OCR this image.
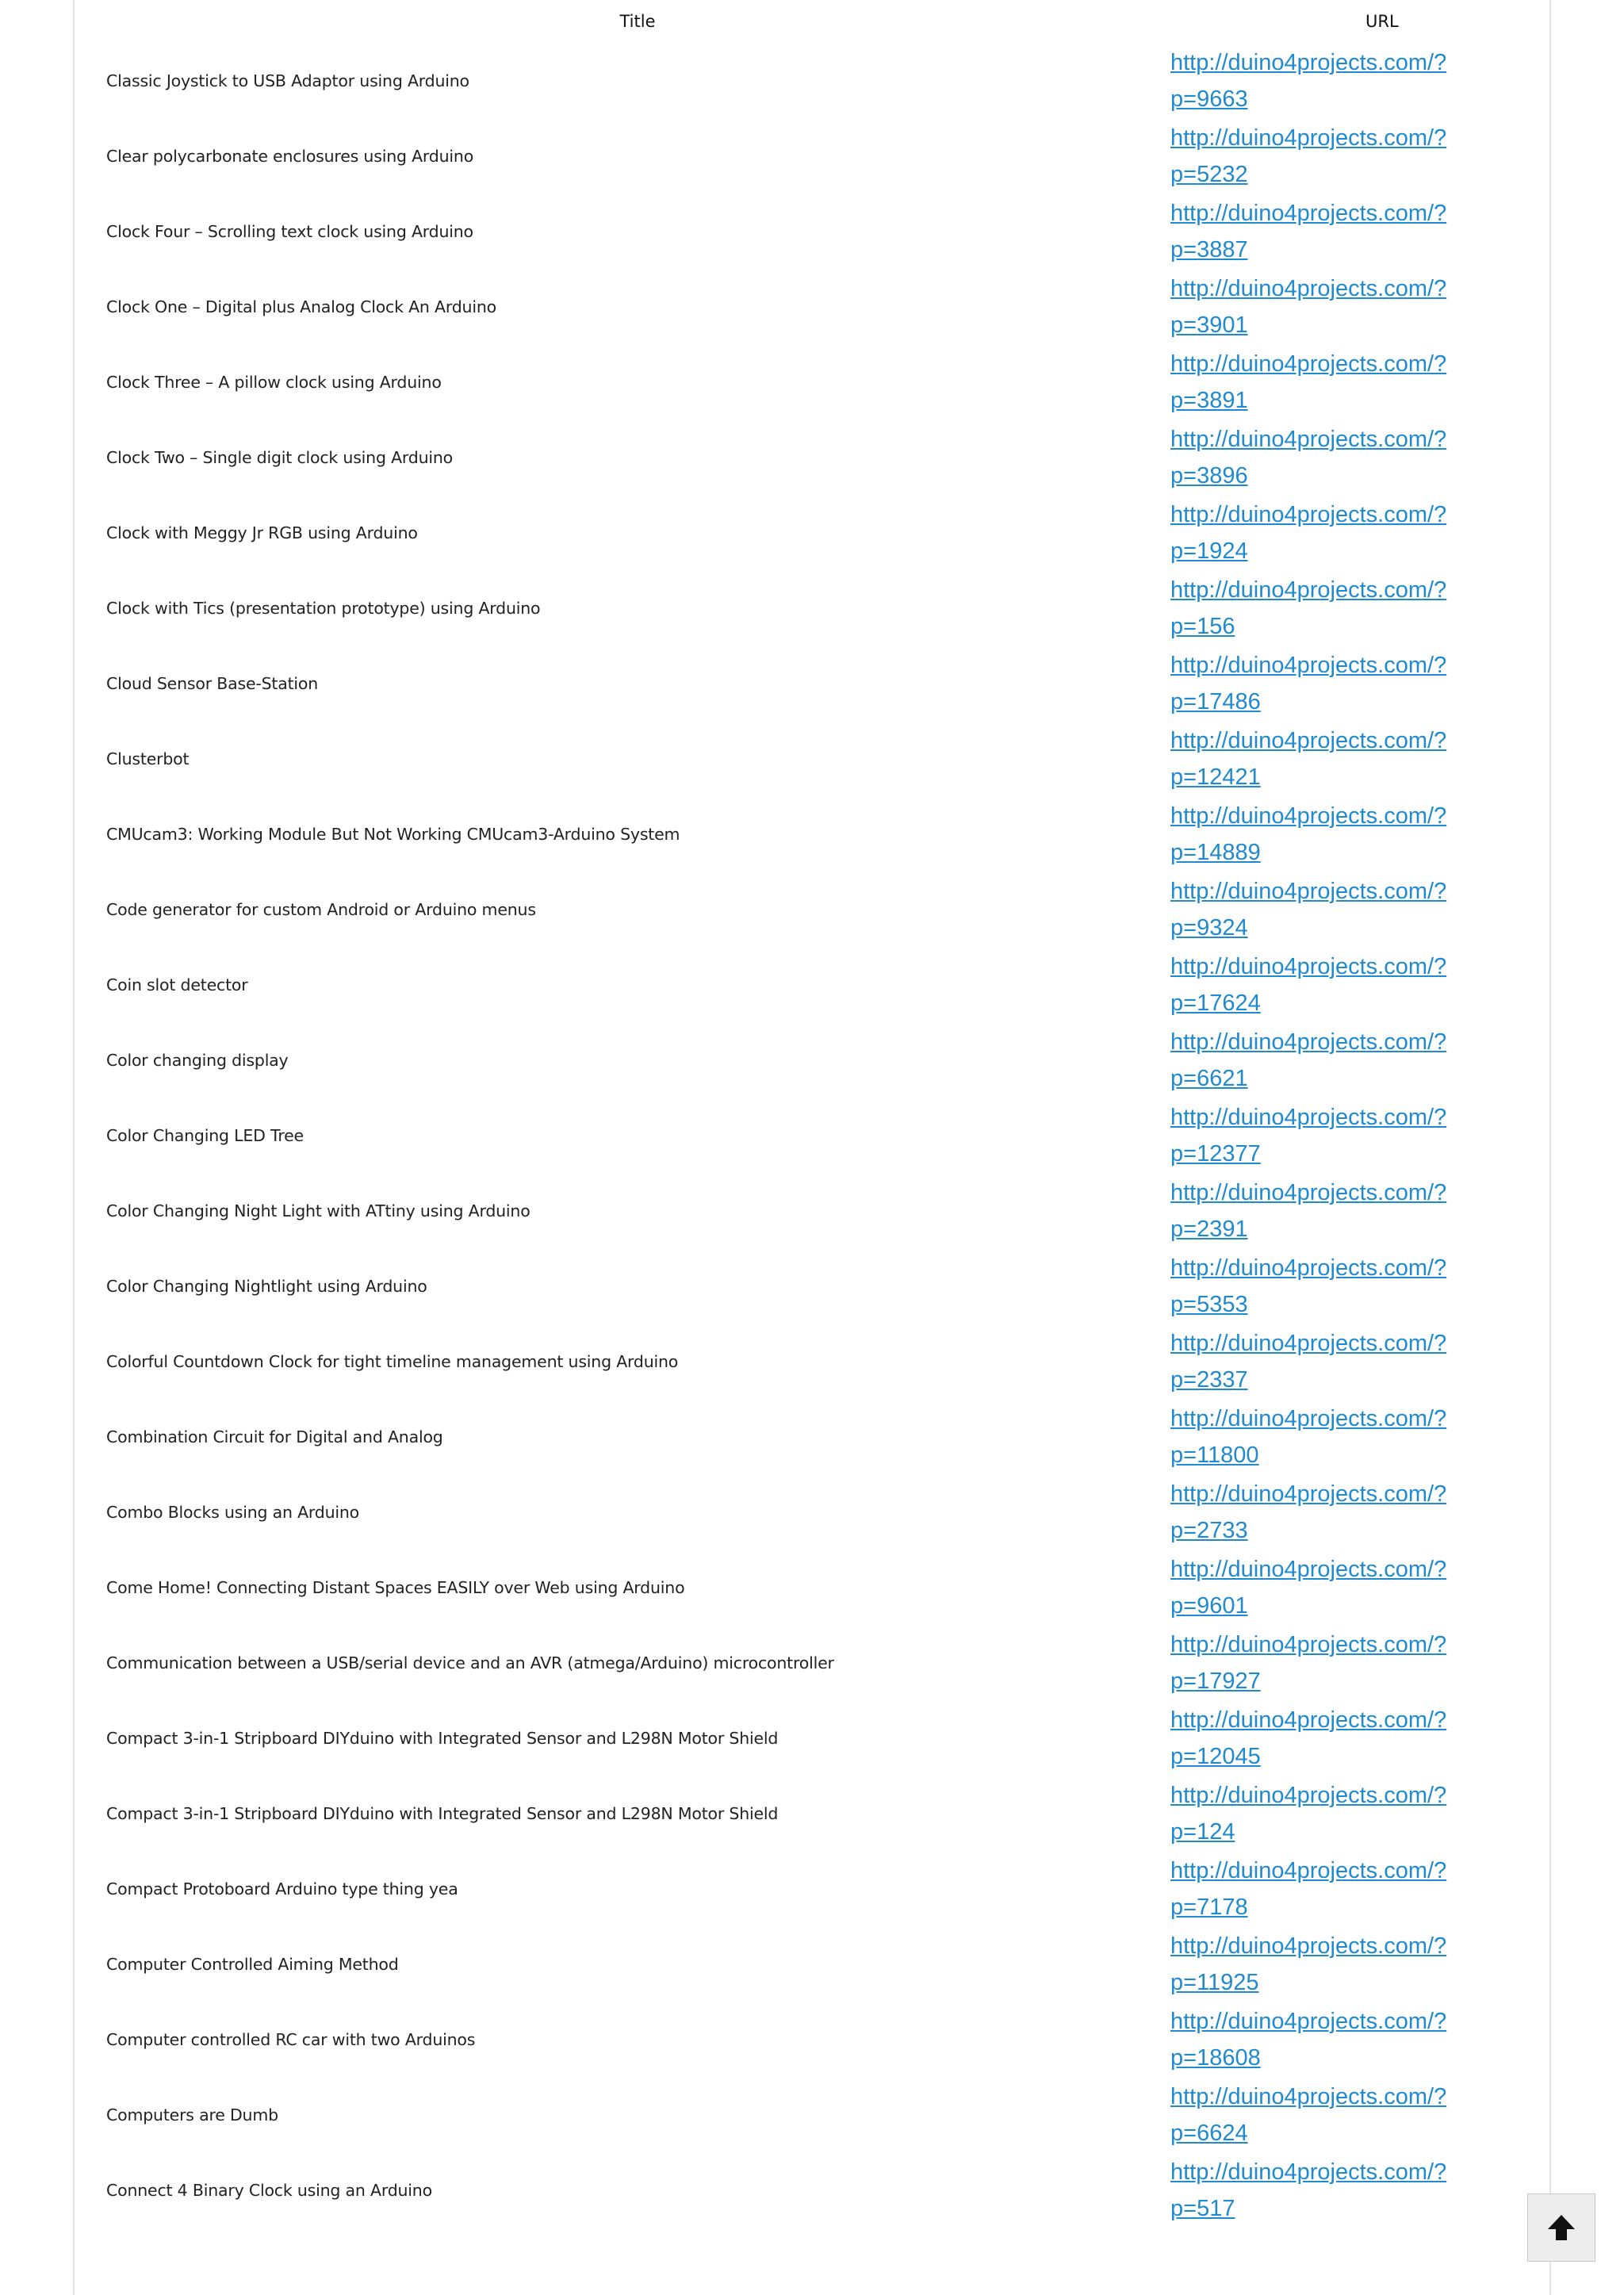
Title	URL
Classic Joystick to USB Adaptor using Arduino	http://duino4projects.com/?p=9663

Clear polycarbonate enclosures using Arduino	http://duino4projects.com/?p=5232

Clock Four – Scrolling text clock using Arduino	http://duino4projects.com/?p=3887

Clock One – Digital plus Analog Clock An Arduino	http://duino4projects.com/?p=3901

Clock Three – A pillow clock using Arduino	http://duino4projects.com/?p=3891

Clock Two – Single digit clock using Arduino	http://duino4projects.com/?p=3896

Clock with Meggy Jr RGB using Arduino	http://duino4projects.com/?p=1924

Clock with Tics (presentation prototype) using Arduino	http://duino4projects.com/?p=156

Cloud Sensor Base-Station	http://duino4projects.com/?p=17486

Clusterbot	http://duino4projects.com/?p=12421

CMUcam3: Working Module But Not Working CMUcam3-Arduino System	http://duino4projects.com/?p=14889

Code generator for custom Android or Arduino menus	http://duino4projects.com/?p=9324

Coin slot detector	http://duino4projects.com/?p=17624

Color changing display	http://duino4projects.com/?p=6621

Color Changing LED Tree	http://duino4projects.com/?p=12377

Color Changing Night Light with ATtiny using Arduino	http://duino4projects.com/?p=2391

Color Changing Nightlight using Arduino	http://duino4projects.com/?p=5353

Colorful Countdown Clock for tight timeline management using Arduino	http://duino4projects.com/?p=2337

Combination Circuit for Digital and Analog	http://duino4projects.com/?p=11800

Combo Blocks using an Arduino	http://duino4projects.com/?p=2733

Come Home! Connecting Distant Spaces EASILY over Web using Arduino	http://duino4projects.com/?p=9601

Communication between a USB/serial device and an AVR (atmega/Arduino) microcontroller	http://duino4projects.com/?p=17927

Compact 3-in-1 Stripboard DIYduino with Integrated Sensor and L298N Motor Shield	http://duino4projects.com/?p=12045

Compact 3-in-1 Stripboard DIYduino with Integrated Sensor and L298N Motor Shield	http://duino4projects.com/?p=124

Compact Protoboard Arduino type thing yea	http://duino4projects.com/?p=7178

Computer Controlled Aiming Method	http://duino4projects.com/?p=11925

Computer controlled RC car with two Arduinos	http://duino4projects.com/?p=18608

Computers are Dumb	http://duino4projects.com/?p=6624

Connect 4 Binary Clock using an Arduino	http://duino4projects.com/?p=517
